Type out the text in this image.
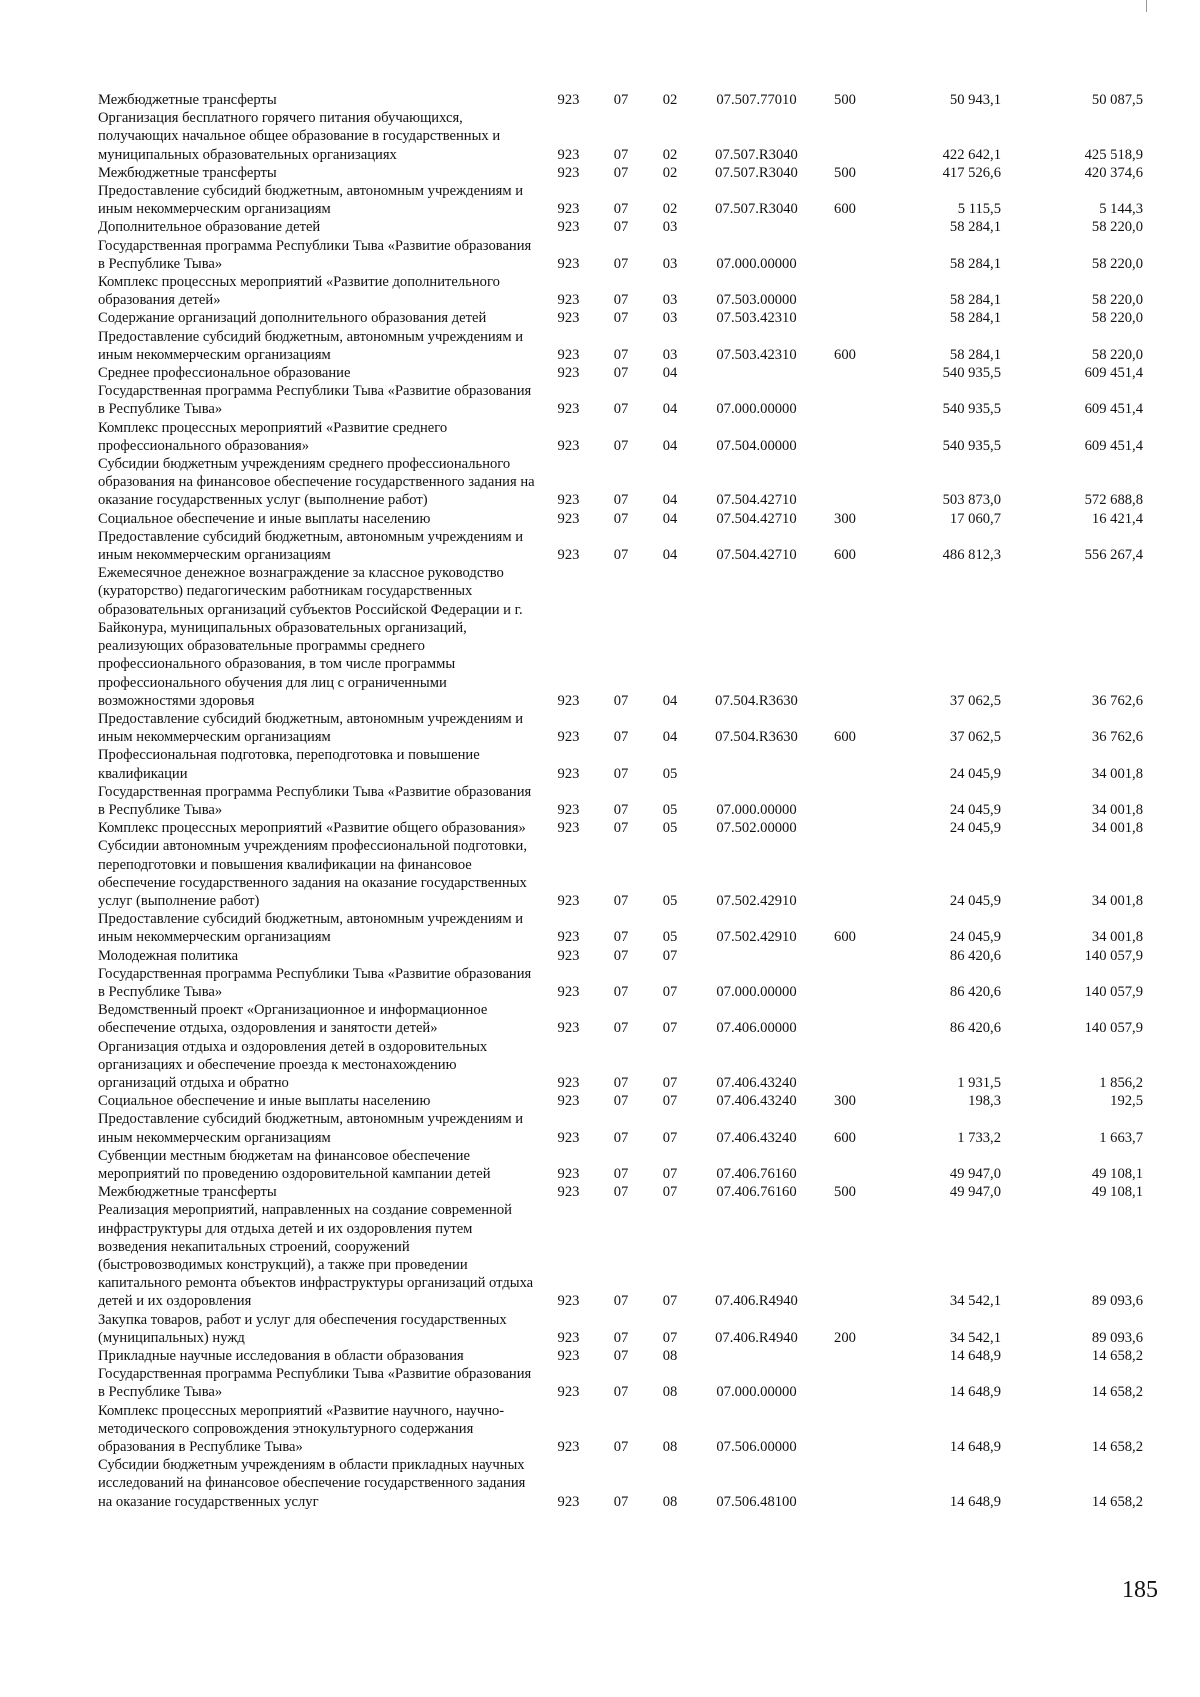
Межбюджетные трансферты	923	07	02	07.507.77010	500	50 943,1	50 087,5
Организация бесплатного горячего питания обучающихся, получающих начальное общее образование в государственных и муниципальных образовательных организациях	923	07	02	07.507.R3040		422 642,1	425 518,9
Межбюджетные трансферты	923	07	02	07.507.R3040	500	417 526,6	420 374,6
Предоставление субсидий бюджетным, автономным учреждениям и иным некоммерческим организациям	923	07	02	07.507.R3040	600	5 115,5	5 144,3
Дополнительное образование детей	923	07	03			58 284,1	58 220,0
Государственная программа Республики Тыва «Развитие образования в Республике Тыва»	923	07	03	07.000.00000		58 284,1	58 220,0
Комплекс процессных мероприятий «Развитие дополнительного образования детей»	923	07	03	07.503.00000		58 284,1	58 220,0
Содержание организаций дополнительного образования детей	923	07	03	07.503.42310		58 284,1	58 220,0
Предоставление субсидий бюджетным, автономным учреждениям и иным некоммерческим организациям	923	07	03	07.503.42310	600	58 284,1	58 220,0
Среднее профессиональное образование	923	07	04			540 935,5	609 451,4
Государственная программа Республики Тыва «Развитие образования в Республике Тыва»	923	07	04	07.000.00000		540 935,5	609 451,4
Комплекс процессных мероприятий «Развитие среднего профессионального образования»	923	07	04	07.504.00000		540 935,5	609 451,4
Субсидии бюджетным учреждениям среднего профессионального образования на финансовое обеспечение государственного задания на оказание государственных услуг (выполнение работ)	923	07	04	07.504.42710		503 873,0	572 688,8
Социальное обеспечение и иные выплаты населению	923	07	04	07.504.42710	300	17 060,7	16 421,4
Предоставление субсидий бюджетным, автономным учреждениям и иным некоммерческим организациям	923	07	04	07.504.42710	600	486 812,3	556 267,4
Ежемесячное денежное вознаграждение за классное руководство (кураторство) педагогическим работникам государственных образовательных организаций субъектов Российской Федерации и г. Байконура, муниципальных образовательных организаций, реализующих образовательные программы среднего профессионального образования, в том числе программы профессионального обучения для лиц с ограниченными возможностями здоровья	923	07	04	07.504.R3630		37 062,5	36 762,6
Предоставление субсидий бюджетным, автономным учреждениям и иным некоммерческим организациям	923	07	04	07.504.R3630	600	37 062,5	36 762,6
Профессиональная подготовка, переподготовка и повышение квалификации	923	07	05			24 045,9	34 001,8
Государственная программа Республики Тыва «Развитие образования в Республике Тыва»	923	07	05	07.000.00000		24 045,9	34 001,8
Комплекс процессных мероприятий «Развитие общего образования»	923	07	05	07.502.00000		24 045,9	34 001,8
Субсидии автономным учреждениям профессиональной подготовки, переподготовки и повышения квалификации на финансовое обеспечение государственного задания на оказание государственных услуг (выполнение работ)	923	07	05	07.502.42910		24 045,9	34 001,8
Предоставление субсидий бюджетным, автономным учреждениям и иным некоммерческим организациям	923	07	05	07.502.42910	600	24 045,9	34 001,8
Молодежная политика	923	07	07			86 420,6	140 057,9
Государственная программа Республики Тыва «Развитие образования в Республике Тыва»	923	07	07	07.000.00000		86 420,6	140 057,9
Ведомственный проект «Организационное и информационное обеспечение отдыха, оздоровления и занятости детей»	923	07	07	07.406.00000		86 420,6	140 057,9
Организация отдыха и оздоровления детей в оздоровительных организациях и обеспечение проезда к местонахождению организаций отдыха и обратно	923	07	07	07.406.43240		1 931,5	1 856,2
Социальное обеспечение и иные выплаты населению	923	07	07	07.406.43240	300	198,3	192,5
Предоставление субсидий бюджетным, автономным учреждениям и иным некоммерческим организациям	923	07	07	07.406.43240	600	1 733,2	1 663,7
Субвенции местным бюджетам на финансовое обеспечение мероприятий по проведению оздоровительной кампании детей	923	07	07	07.406.76160		49 947,0	49 108,1
Межбюджетные трансферты	923	07	07	07.406.76160	500	49 947,0	49 108,1
Реализация мероприятий, направленных на создание современной инфраструктуры для отдыха детей и их оздоровления путем возведения некапитальных строений, сооружений (быстровозводимых конструкций), а также при проведении капитального ремонта объектов инфраструктуры организаций отдыха детей и их оздоровления	923	07	07	07.406.R4940		34 542,1	89 093,6
Закупка товаров, работ и услуг для обеспечения государственных (муниципальных) нужд	923	07	07	07.406.R4940	200	34 542,1	89 093,6
Прикладные научные исследования в области образования	923	07	08			14 648,9	14 658,2
Государственная программа Республики Тыва «Развитие образования в Республике Тыва»	923	07	08	07.000.00000		14 648,9	14 658,2
Комплекс процессных мероприятий «Развитие научного, научно-методического сопровождения этнокультурного содержания образования в Республике Тыва»	923	07	08	07.506.00000		14 648,9	14 658,2
Субсидии бюджетным учреждениям в области прикладных научных исследований на финансовое обеспечение государственного задания на оказание государственных услуг	923	07	08	07.506.48100		14 648,9	14 658,2
185
